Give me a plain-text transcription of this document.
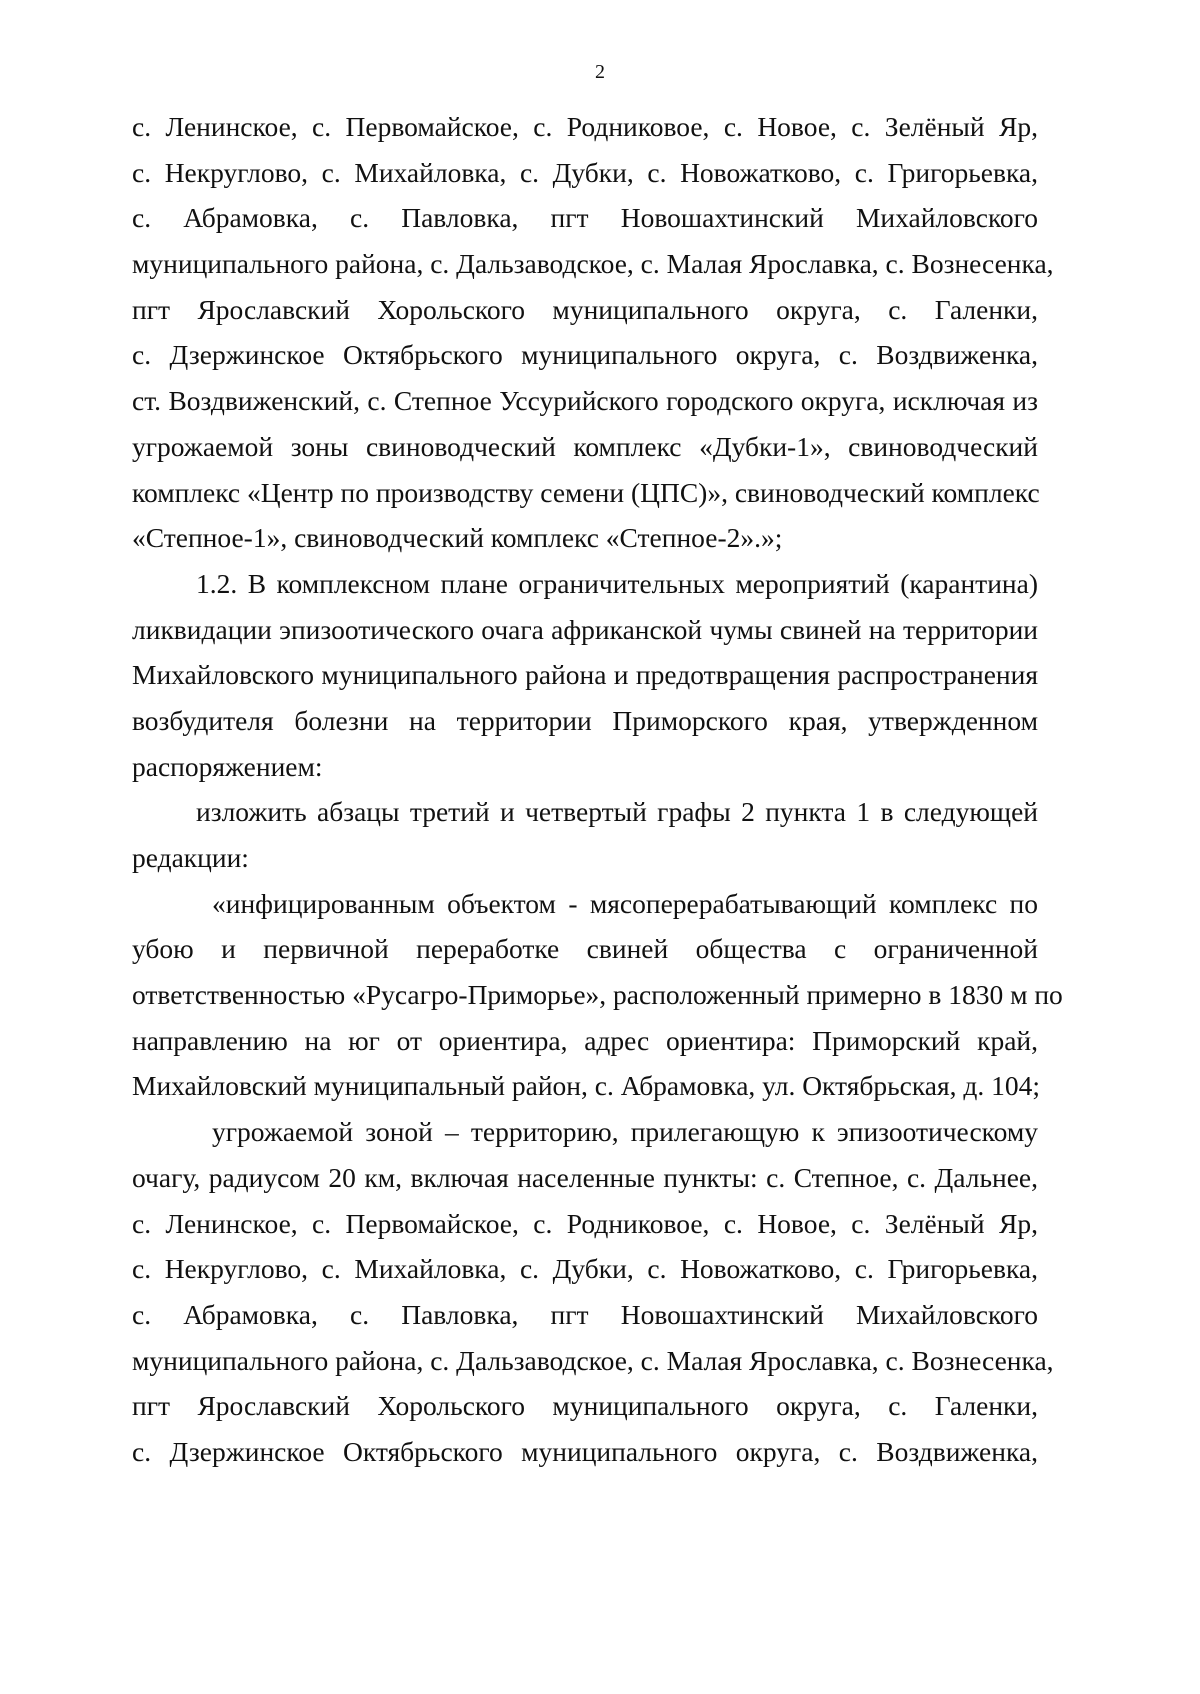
2
с. Ленинское, с. Первомайское, с. Родниковое, с. Новое, с. Зелёный Яр,
с. Некруглово, с. Михайловка, с. Дубки, с. Новожатково, с. Григорьевка,
с. Абрамовка, с. Павловка, пгт Новошахтинский Михайловского
муниципального района, с. Дальзаводское, с. Малая Ярославка, с. Вознесенка,
пгт Ярославский Хорольского муниципального округа, с. Галенки,
с. Дзержинское Октябрьского муниципального округа, с. Воздвиженка,
ст. Воздвиженский, с. Степное Уссурийского городского округа, исключая из
угрожаемой зоны свиноводческий комплекс «Дубки-1», свиноводческий
комплекс «Центр по производству семени (ЦПС)», свиноводческий комплекс
«Степное-1», свиноводческий комплекс «Степное-2».»;
1.2. В комплексном плане ограничительных мероприятий (карантина)
ликвидации эпизоотического очага африканской чумы свиней на территории
Михайловского муниципального района и предотвращения распространения
возбудителя болезни на территории Приморского края, утвержденном
распоряжением:
изложить абзацы третий и четвертый графы 2 пункта 1 в следующей
редакции:
«инфицированным объектом - мясоперерабатывающий комплекс по
убою и первичной переработке свиней общества с ограниченной
ответственностью «Русагро-Приморье», расположенный примерно в 1830 м по
направлению на юг от ориентира, адрес ориентира: Приморский край,
Михайловский муниципальный район, с. Абрамовка, ул. Октябрьская, д. 104;
угрожаемой зоной – территорию, прилегающую к эпизоотическому
очагу, радиусом 20 км, включая населенные пункты: с. Степное, с. Дальнее,
с. Ленинское, с. Первомайское, с. Родниковое, с. Новое, с. Зелёный Яр,
с. Некруглово, с. Михайловка, с. Дубки, с. Новожатково, с. Григорьевка,
с. Абрамовка, с. Павловка, пгт Новошахтинский Михайловского
муниципального района, с. Дальзаводское, с. Малая Ярославка, с. Вознесенка,
пгт Ярославский Хорольского муниципального округа, с. Галенки,
с. Дзержинское Октябрьского муниципального округа, с. Воздвиженка,
